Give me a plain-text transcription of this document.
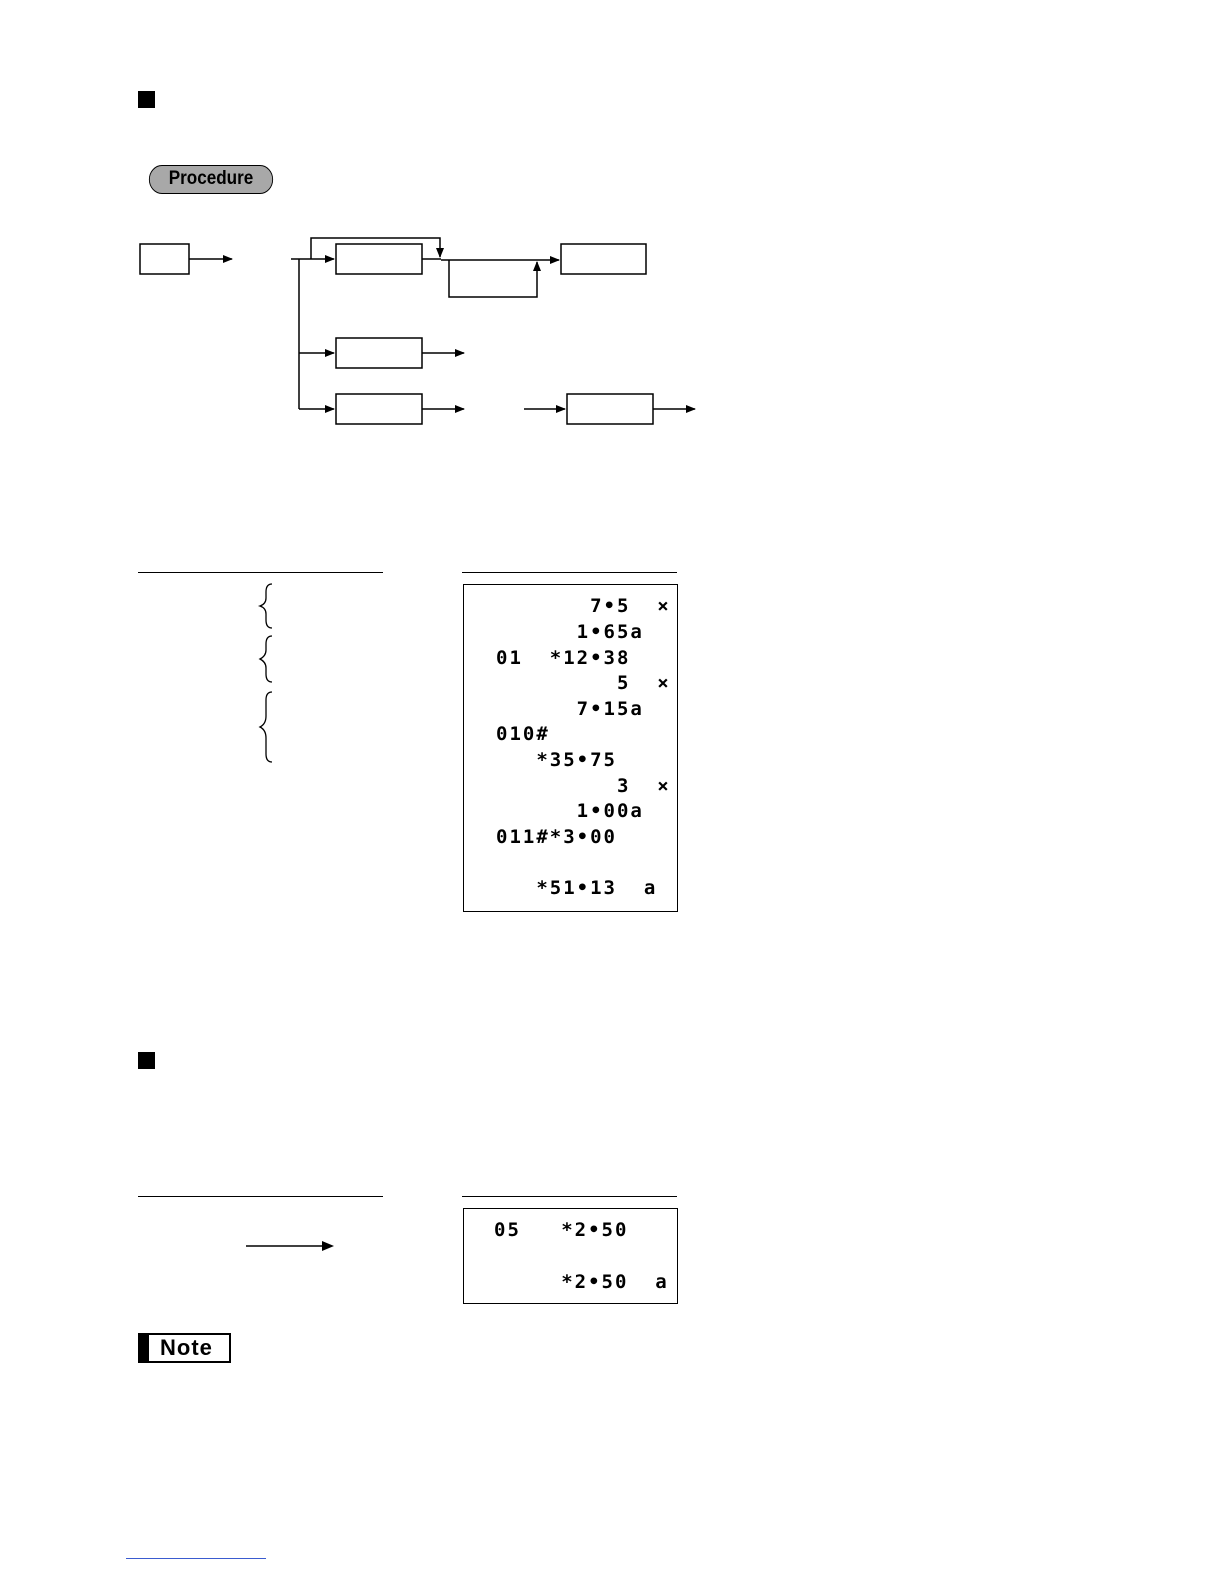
Procedure
7•5  ×
1•65a
01  *12•38
5  ×
7•15a
010#
*35•75
3  ×
1•00a
011#*3•00
*51•13  a
05   *2•50
*2•50  a
Note
